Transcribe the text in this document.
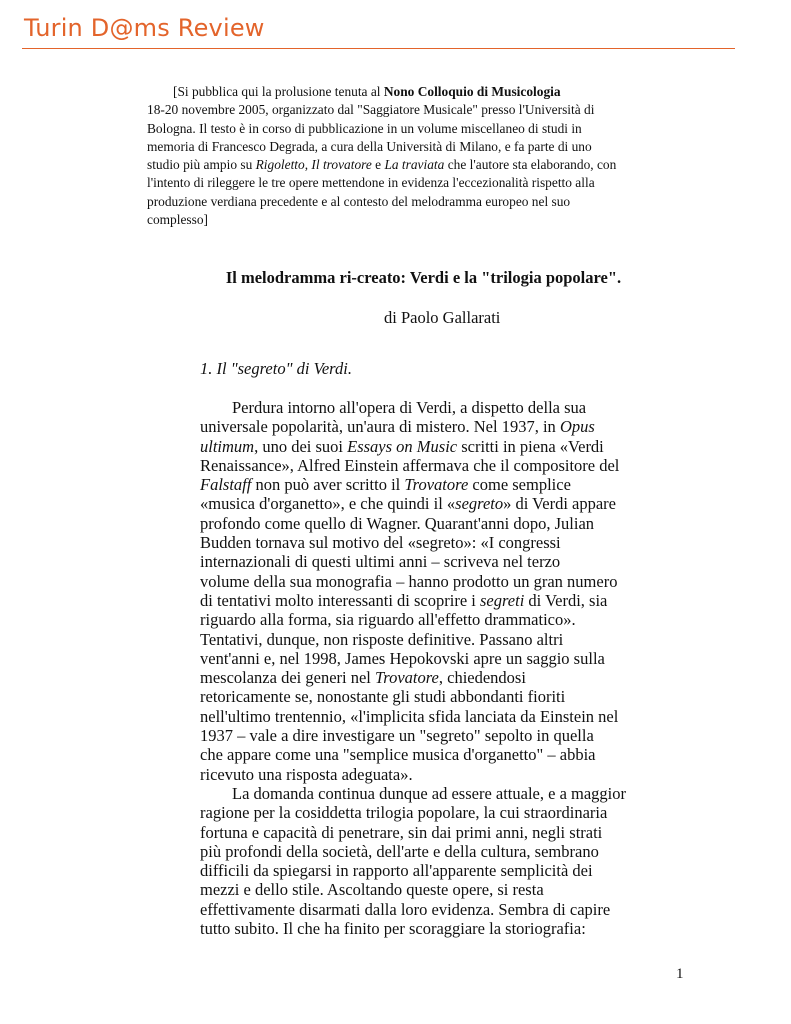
Turin D@ms Review

[Si pubblica qui la prolusione tenuta al Nono Colloquio di Musicologia

18-20 novembre 2005, organizzato dal "Saggiatore Musicale" presso l'Università di

Bologna. Il testo è in corso di pubblicazione in un volume miscellaneo di studi in

memoria di Francesco Degrada, a cura della Università di Milano, e fa parte di uno

studio più ampio su Rigoletto, Il trovatore e La traviata che l'autore sta elaborando, con

l'intento di rileggere le tre opere mettendone in evidenza l'eccezionalità rispetto alla

produzione verdiana precedente e al contesto del melodramma europeo nel suo

complesso]

Il melodramma ri-creato: Verdi e la "trilogia popolare".
di Paolo Gallarati
1. Il "segreto" di Verdi.
Perdura intorno all'opera di Verdi, a dispetto della sua
universale popolarità, un'aura di mistero. Nel 1937, in Opus
ultimum, uno dei suoi Essays on Music scritti in piena «Verdi
Renaissance», Alfred Einstein affermava che il compositore del
Falstaff non può aver scritto il Trovatore come semplice
«musica d'organetto», e che quindi il «segreto» di Verdi appare
profondo come quello di Wagner. Quarant'anni dopo, Julian
Budden tornava sul motivo del «segreto»: «I congressi
internazionali di questi ultimi anni – scriveva nel terzo
volume della sua monografia – hanno prodotto un gran numero
di tentativi molto interessanti di scoprire i segreti di Verdi, sia
riguardo alla forma, sia riguardo all'effetto drammatico».
Tentativi, dunque, non risposte definitive. Passano altri
vent'anni e, nel 1998, James Hepokovski apre un saggio sulla
mescolanza dei generi nel Trovatore, chiedendosi
retoricamente se, nonostante gli studi abbondanti fioriti
nell'ultimo trentennio, «l'implicita sfida lanciata da Einstein nel
1937 – vale a dire investigare un "segreto" sepolto in quella
che appare come una "semplice musica d'organetto" – abbia
ricevuto una risposta adeguata».
La domanda continua dunque ad essere attuale, e a maggior
ragione per la cosiddetta trilogia popolare, la cui straordinaria
fortuna e capacità di penetrare, sin dai primi anni, negli strati
più profondi della società, dell'arte e della cultura, sembrano
difficili da spiegarsi in rapporto all'apparente semplicità dei
mezzi e dello stile. Ascoltando queste opere, si resta
effettivamente disarmati dalla loro evidenza. Sembra di capire
tutto subito. Il che ha finito per scoraggiare la storiografia:
1
